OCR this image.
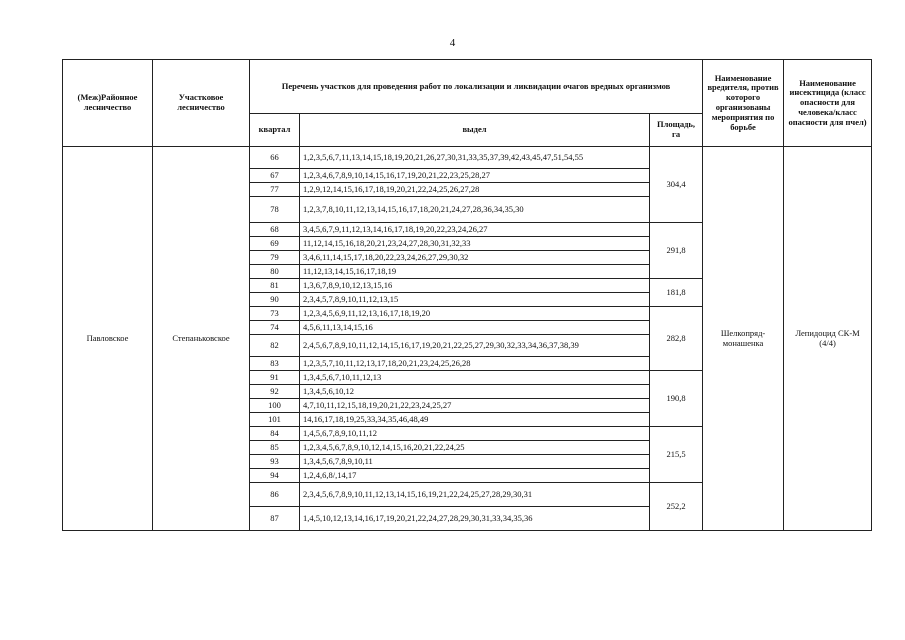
4
(Меж)Районное лесничество	Участковое лесничество	Перечень участков для проведения работ по локализации и ликвидации очагов вредных организмов			Наименование вредителя, против которого организованы мероприятия по борьбе	Наименование инсектицида (класс опасности для человека/класс опасности для пчел)
		квартал	выдел	Площадь, га		
Павловское	Степаньковское	66	1,2,3,5,6,7,11,13,14,15,18,19,20,21,26,27,30,31,33,35,37,39,42,43,45,47,51,54,55	304,4	Шелкопряд-монашенка	Лепидоцид СК-М (4/4)
		67	1,2,3,4,6,7,8,9,10,14,15,16,17,19,20,21,22,23,25,28,27			
		77	1,2,9,12,14,15,16,17,18,19,20,21,22,24,25,26,27,28			
		78	1,2,3,7,8,10,11,12,13,14,15,16,17,18,20,21,24,27,28,36,34,35,30			
		68	3,4,5,6,7,9,11,12,13,14,16,17,18,19,20,22,23,24,26,27	291,8		
		69	11,12,14,15,16,18,20,21,23,24,27,28,30,31,32,33			
		79	3,4,6,11,14,15,17,18,20,22,23,24,26,27,29,30,32			
		80	11,12,13,14,15,16,17,18,19			
		81	1,3,6,7,8,9,10,12,13,15,16	181,8		
		90	2,3,4,5,7,8,9,10,11,12,13,15			
		73	1,2,3,4,5,6,9,11,12,13,16,17,18,19,20	282,8		
		74	4,5,6,11,13,14,15,16			
		82	2,4,5,6,7,8,9,10,11,12,14,15,16,17,19,20,21,22,25,27,29,30,32,33,34,36,37,38,39			
		83	1,2,3,5,7,10,11,12,13,17,18,20,21,23,24,25,26,28			
		91	1,3,4,5,6,7,10,11,12,13	190,8		
		92	1,3,4,5,6,10,12			
		100	4,7,10,11,12,15,18,19,20,21,22,23,24,25,27			
		101	14,16,17,18,19,25,33,34,35,46,48,49			
		84	1,4,5,6,7,8,9,10,11,12	215,5		
		85	1,2,3,4,5,6,7,8,9,10,12,14,15,16,20,21,22,24,25			
		93	1,3,4,5,6,7,8,9,10,11			
		94	1,2,4,6,8/,14,17			
		86	2,3,4,5,6,7,8,9,10,11,12,13,14,15,16,19,21,22,24,25,27,28,29,30,31	252,2		
		87	1,4,5,10,12,13,14,16,17,19,20,21,22,24,27,28,29,30,31,33,34,35,36			
